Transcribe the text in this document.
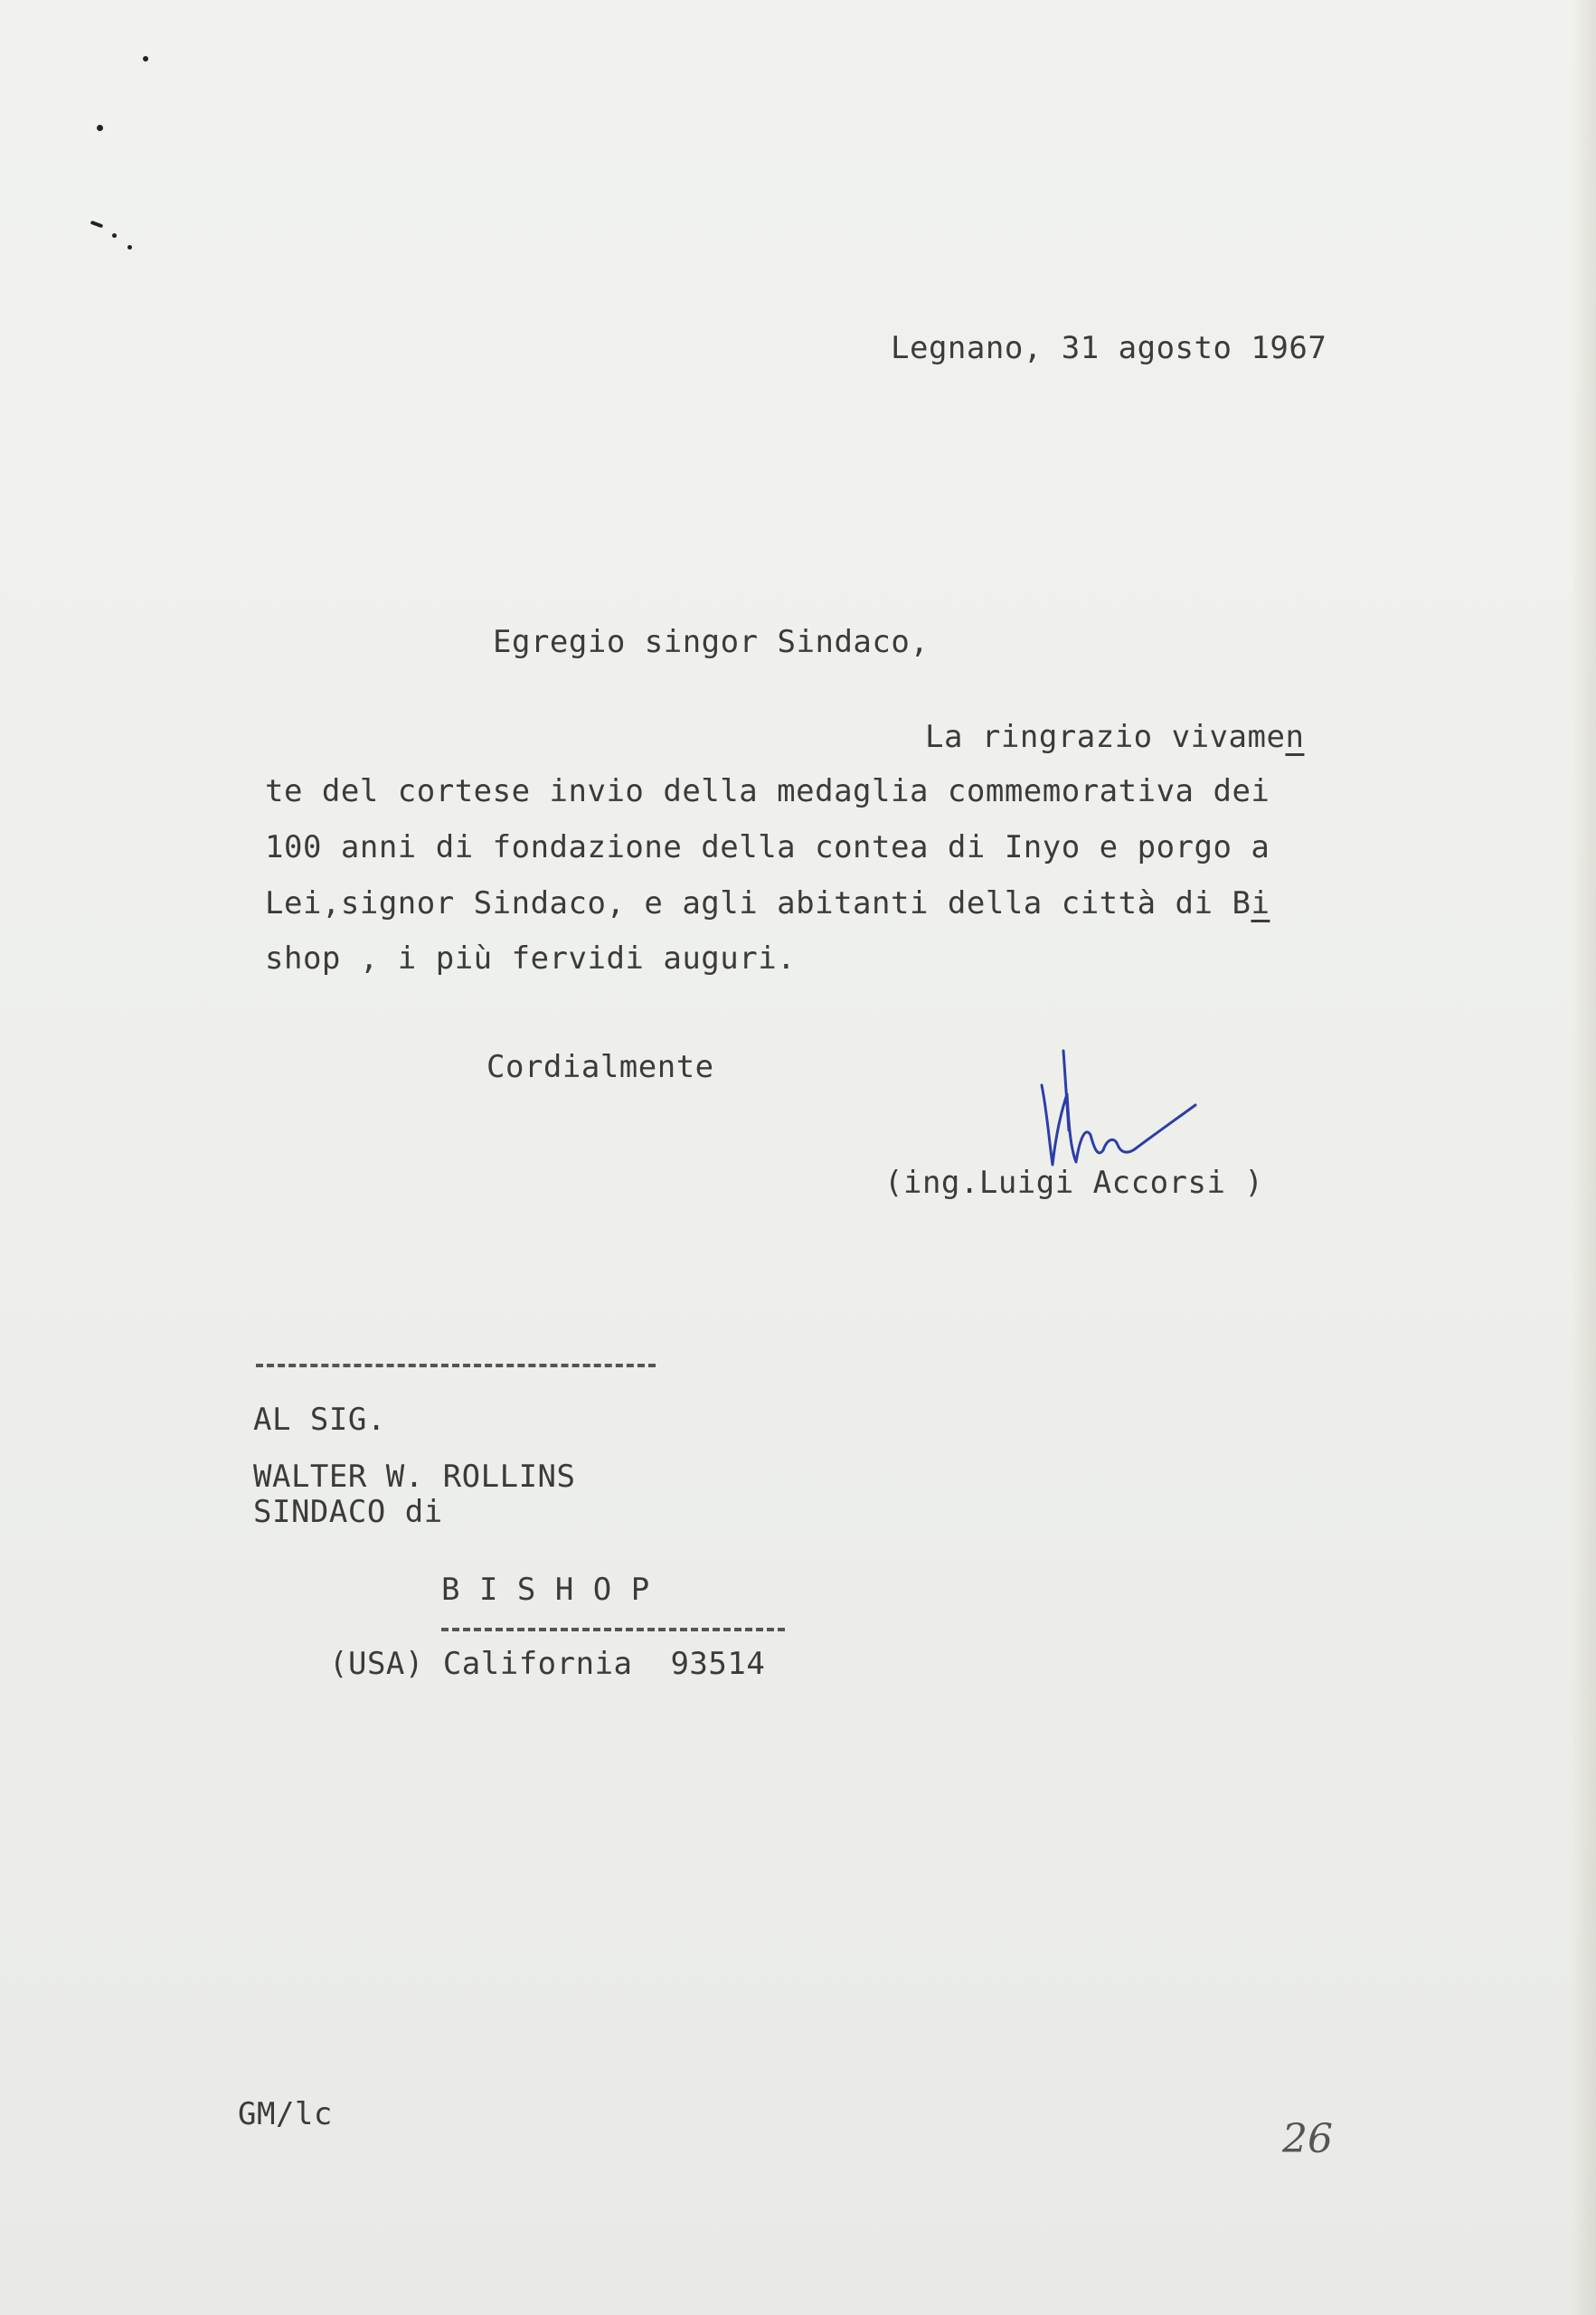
Legnano, 31 agosto 1967

Egregio singor Sindaco,

La ringrazio vivamen

te del cortese invio della medaglia commemorativa dei

100 anni di fondazione della contea di Inyo e porgo a

Lei,signor Sindaco, e agli abitanti della città di Bi

shop , i più fervidi auguri.

Cordialmente

(ing.Luigi Accorsi )

AL SIG.

WALTER W. ROLLINS

SINDACO di

B I S H O P

(USA) California  93514

GM/lc

26
